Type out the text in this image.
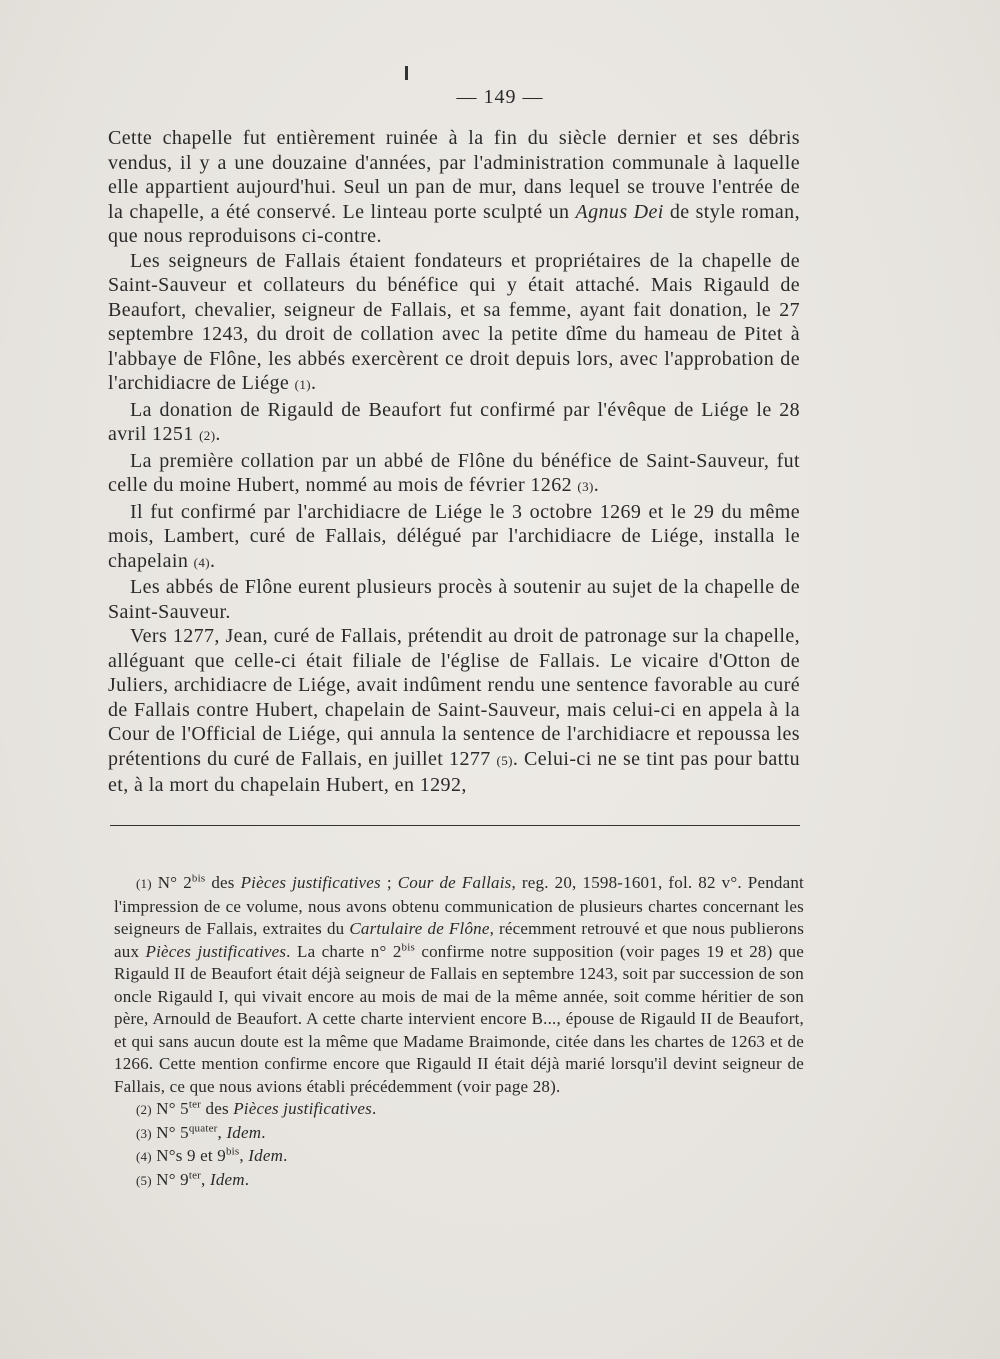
— 149 —

Cette chapelle fut entièrement ruinée à la fin du siècle dernier et ses débris vendus, il y a une douzaine d'années, par l'administration communale à laquelle elle appartient aujourd'hui. Seul un pan de mur, dans lequel se trouve l'entrée de la chapelle, a été conservé. Le linteau porte sculpté un Agnus Dei de style roman, que nous reproduisons ci-contre.

Les seigneurs de Fallais étaient fondateurs et propriétaires de la chapelle de Saint-Sauveur et collateurs du bénéfice qui y était attaché. Mais Rigauld de Beaufort, chevalier, seigneur de Fallais, et sa femme, ayant fait donation, le 27 septembre 1243, du droit de collation avec la petite dîme du hameau de Pitet à l'abbaye de Flône, les abbés exercèrent ce droit depuis lors, avec l'approbation de l'archidiacre de Liége (1).

La donation de Rigauld de Beaufort fut confirmé par l'évêque de Liége le 28 avril 1251 (2).

La première collation par un abbé de Flône du bénéfice de Saint-Sauveur, fut celle du moine Hubert, nommé au mois de février 1262 (3).

Il fut confirmé par l'archidiacre de Liége le 3 octobre 1269 et le 29 du même mois, Lambert, curé de Fallais, délégué par l'archidiacre de Liége, installa le chapelain (4).

Les abbés de Flône eurent plusieurs procès à soutenir au sujet de la chapelle de Saint-Sauveur.

Vers 1277, Jean, curé de Fallais, prétendit au droit de patronage sur la chapelle, alléguant que celle-ci était filiale de l'église de Fallais. Le vicaire d'Otton de Juliers, archidiacre de Liége, avait indûment rendu une sentence favorable au curé de Fallais contre Hubert, chapelain de Saint-Sauveur, mais celui-ci en appela à la Cour de l'Official de Liége, qui annula la sentence de l'archidiacre et repoussa les prétentions du curé de Fallais, en juillet 1277 (5). Celui-ci ne se tint pas pour battu et, à la mort du chapelain Hubert, en 1292,

(1) N° $2^{bis}$ des Pièces justificatives ; Cour de Fallais, reg. 20, 1598-1601, fol. 82 v°. Pendant l'impression de ce volume, nous avons obtenu communication de plusieurs chartes concernant les seigneurs de Fallais, extraites du Cartulaire de Flône, récemment retrouvé et que nous publierons aux Pièces justificatives. La charte n° $2^{bis}$ confirme notre supposition (voir pages 19 et 28) que Rigauld II de Beaufort était déjà seigneur de Fallais en septembre 1243, soit par succession de son oncle Rigauld I, qui vivait encore au mois de mai de la même année, soit comme héritier de son père, Arnould de Beaufort. A cette charte intervient encore B..., épouse de Rigauld II de Beaufort, et qui sans aucun doute est la même que Madame Braimonde, citée dans les chartes de 1263 et de 1266. Cette mention confirme encore que Rigauld II était déjà marié lorsqu'il devint seigneur de Fallais, ce que nous avions établi précédemment (voir page 28).

(2) N° $5^{ter}$ des Pièces justificatives.

(3) N° $5^{quater}$, Idem.

(4) N°s 9 et $9^{bis}$, Idem.

(5) N° $9^{ter}$, Idem.
